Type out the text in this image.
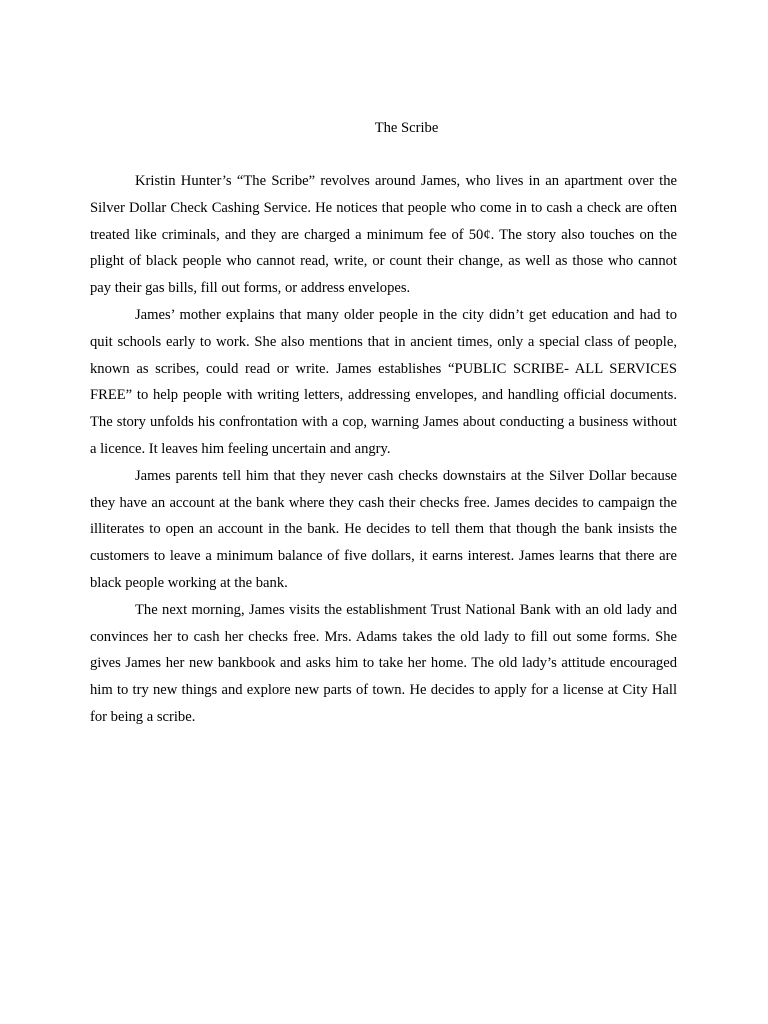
The Scribe

Kristin Hunter’s “The Scribe” revolves around James, who lives in an apartment over the Silver Dollar Check Cashing Service. He notices that people who come in to cash a check are often treated like criminals, and they are charged a minimum fee of 50¢. The story also touches on the plight of black people who cannot read, write, or count their change, as well as those who cannot pay their gas bills, fill out forms, or address envelopes.

James’ mother explains that many older people in the city didn’t get education and had to quit schools early to work. She also mentions that in ancient times, only a special class of people, known as scribes, could read or write. James establishes “PUBLIC SCRIBE- ALL SERVICES FREE” to help people with writing letters, addressing envelopes, and handling official documents. The story unfolds his confrontation with a cop, warning James about conducting a business without a licence. It leaves him feeling uncertain and angry.

James parents tell him that they never cash checks downstairs at the Silver Dollar because they have an account at the bank where they cash their checks free. James decides to campaign the illiterates to open an account in the bank. He decides to tell them that though the bank insists the customers to leave a minimum balance of five dollars, it earns interest. James learns that there are black people working at the bank.

The next morning, James visits the establishment Trust National Bank with an old lady and convinces her to cash her checks free. Mrs. Adams takes the old lady to fill out some forms. She gives James her new bankbook and asks him to take her home. The old lady’s attitude encouraged him to try new things and explore new parts of town. He decides to apply for a license at City Hall for being a scribe.
